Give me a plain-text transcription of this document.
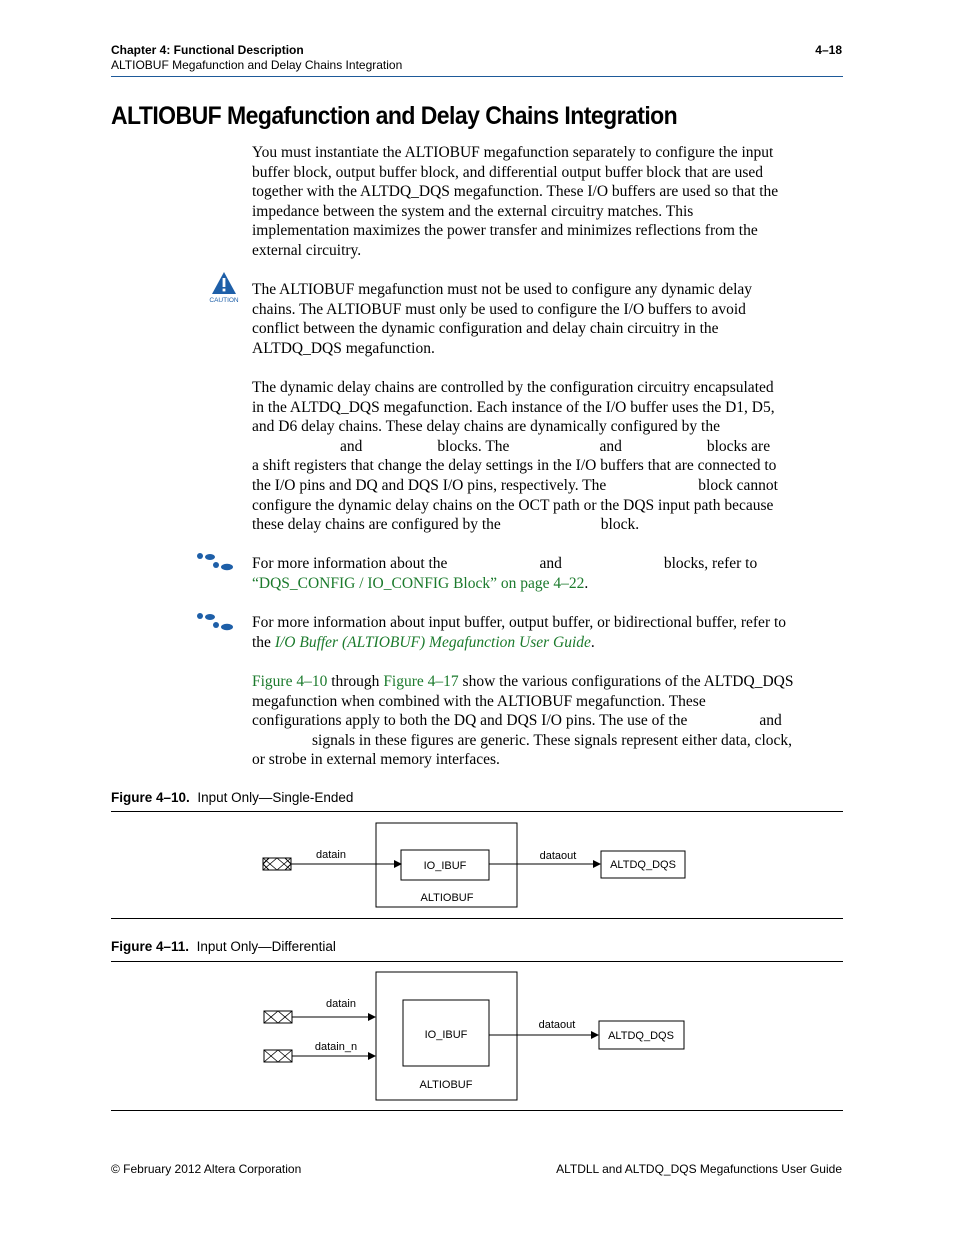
Chapter 4: Functional Description
ALTIOBUF Megafunction and Delay Chains Integration
4–18
ALTIOBUF Megafunction and Delay Chains Integration
You must instantiate the ALTIOBUF megafunction separately to configure the input
buffer block, output buffer block, and differential output buffer block that are used
together with the ALTDQ_DQS megafunction. These I/O buffers are used so that the
impedance between the system and the external circuitry matches. This
implementation maximizes the power transfer and minimizes reflections from the
external circuitry.
CAUTION
The ALTIOBUF megafunction must not be used to configure any dynamic delay
chains. The ALTIOBUF must only be used to configure the I/O buffers to avoid
conflict between the dynamic configuration and delay chain circuitry in the
ALTDQ_DQS megafunction.
The dynamic delay chains are controlled by the configuration circuitry encapsulated
in the ALTDQ_DQS megafunction. Each instance of the I/O buffer uses the D1, D5,
and D6 delay chains. These delay chains are dynamically configured by the
and	blocks. The	and	blocks are
a shift registers that change the delay settings in the I/O buffers that are connected to
the I/O pins and DQ and DQS I/O pins, respectively. The	block cannot
configure the dynamic delay chains on the OCT path or the DQS input path because
these delay chains are configured by the	block.
For more information about the	and	blocks, refer to
“DQS_CONFIG / IO_CONFIG Block” on page 4–22.
For more information about input buffer, output buffer, or bidirectional buffer, refer to
the I/O Buffer (ALTIOBUF) Megafunction User Guide.
Figure 4–10 through Figure 4–17 show the various configurations of the ALTDQ_DQS
megafunction when combined with the ALTIOBUF megafunction. These
configurations apply to both the DQ and DQS I/O pins. The use of the	and
signals in these figures are generic. These signals represent either data, clock,
or strobe in external memory interfaces.
Figure 4–10. Input Only—Single-Ended
datain
IO_IBUF
ALTIOBUF
dataout
ALTDQ_DQS
Figure 4–11. Input Only—Differential
datain
datain_n
IO_IBUF
ALTIOBUF
dataout
ALTDQ_DQS
© February 2012 Altera Corporation	ALTDLL and ALTDQ_DQS Megafunctions User Guide
